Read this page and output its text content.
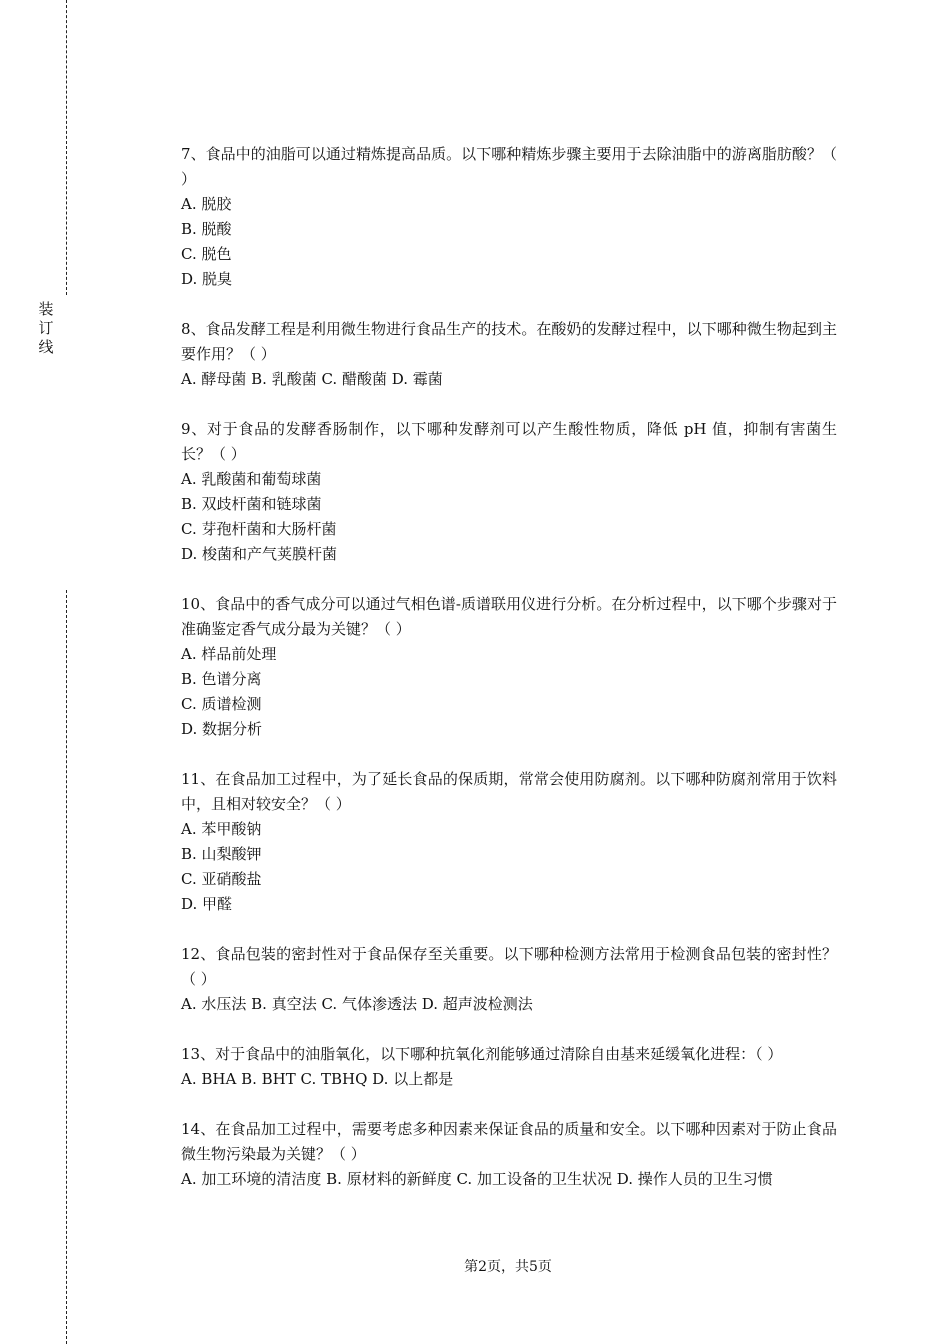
装订线
7、食品中的油脂可以通过精炼提高品质。以下哪种精炼步骤主要用于去除油脂中的游离脂肪酸？（ ）
A. 脱胶
B. 脱酸
C. 脱色
D. 脱臭
8、食品发酵工程是利用微生物进行食品生产的技术。在酸奶的发酵过程中，以下哪种微生物起到主要作用？（ ）
A. 酵母菌 B. 乳酸菌 C. 醋酸菌 D. 霉菌
9、对于食品的发酵香肠制作，以下哪种发酵剂可以产生酸性物质，降低 pH 值，抑制有害菌生长？（ ）
A. 乳酸菌和葡萄球菌
B. 双歧杆菌和链球菌
C. 芽孢杆菌和大肠杆菌
D. 梭菌和产气荚膜杆菌
10、食品中的香气成分可以通过气相色谱-质谱联用仪进行分析。在分析过程中，以下哪个步骤对于准确鉴定香气成分最为关键？（ ）
A. 样品前处理
B. 色谱分离
C. 质谱检测
D. 数据分析
11、在食品加工过程中，为了延长食品的保质期，常常会使用防腐剂。以下哪种防腐剂常用于饮料中，且相对较安全？（ ）
A. 苯甲酸钠
B. 山梨酸钾
C. 亚硝酸盐
D. 甲醛
12、食品包装的密封性对于食品保存至关重要。以下哪种检测方法常用于检测食品包装的密封性？（ ）
A. 水压法 B. 真空法 C. 气体渗透法 D. 超声波检测法
13、对于食品中的油脂氧化，以下哪种抗氧化剂能够通过清除自由基来延缓氧化进程：（ ）
A. BHA B. BHT C. TBHQ D. 以上都是
14、在食品加工过程中，需要考虑多种因素来保证食品的质量和安全。以下哪种因素对于防止食品微生物污染最为关键？（ ）
A. 加工环境的清洁度 B. 原材料的新鲜度 C. 加工设备的卫生状况 D. 操作人员的卫生习惯
第2页，共5页
